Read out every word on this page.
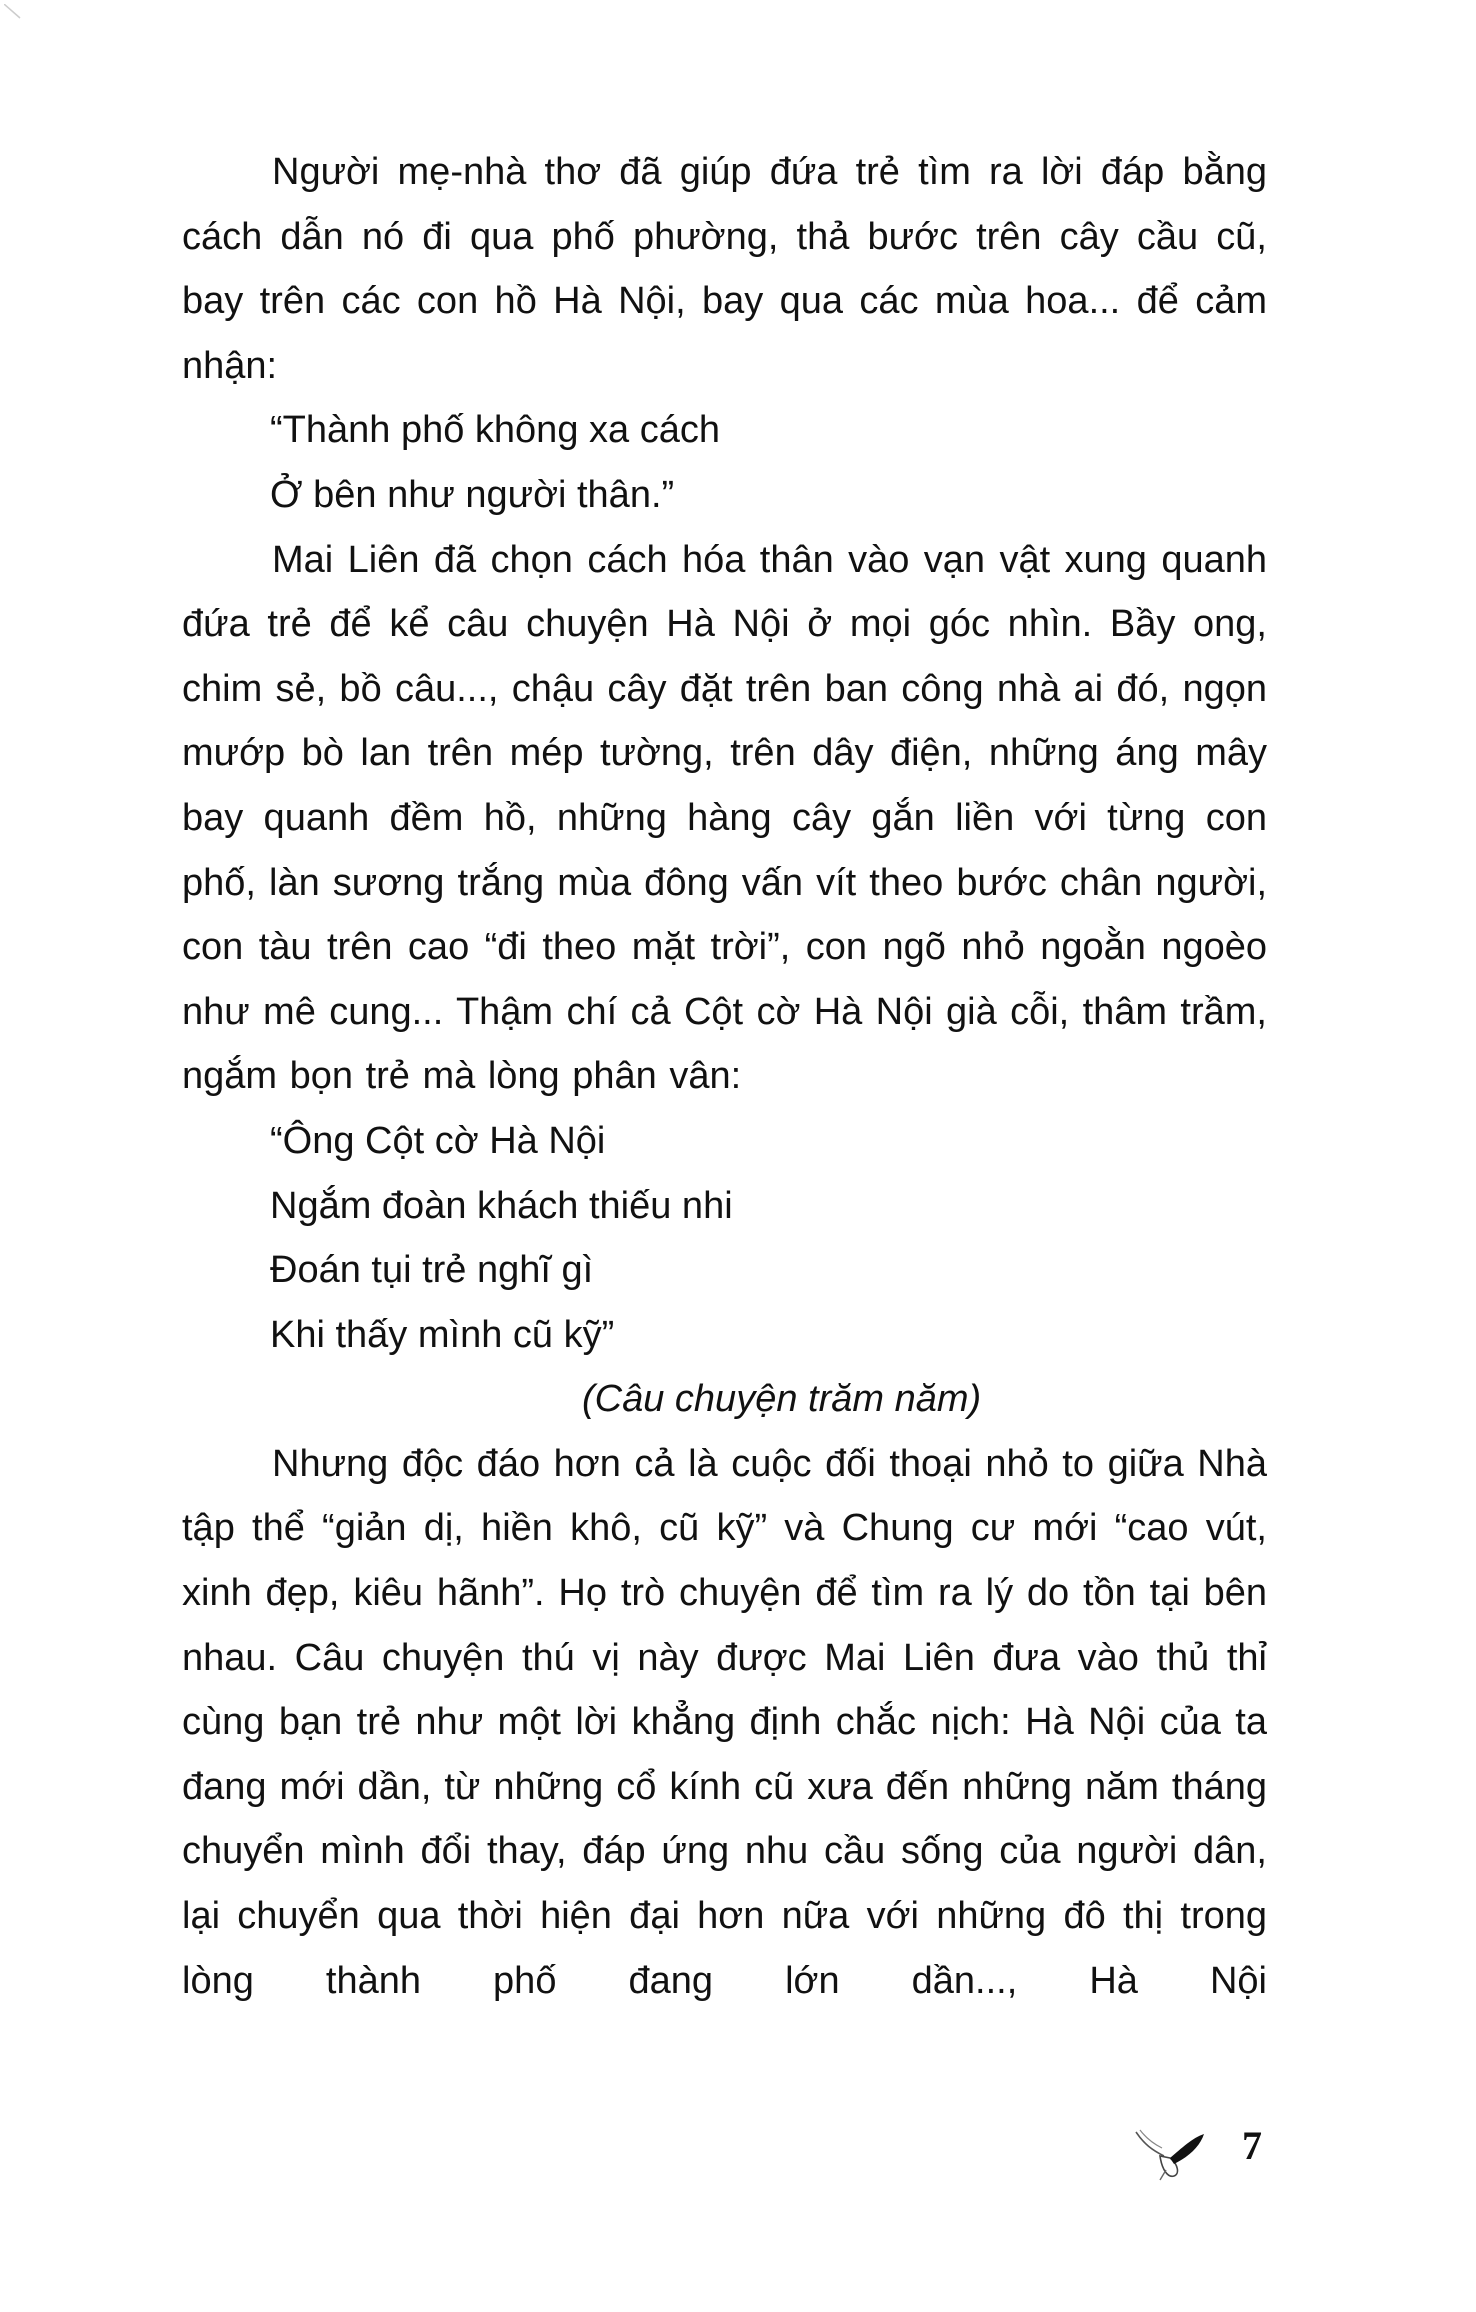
Người mẹ-nhà thơ đã giúp đứa trẻ tìm ra lời đáp bằng cách dẫn nó đi qua phố phường, thả bước trên cây cầu cũ, bay trên các con hồ Hà Nội, bay qua các mùa hoa... để cảm nhận:

“Thành phố không xa cách
Ở bên như người thân.”

Mai Liên đã chọn cách hóa thân vào vạn vật xung quanh đứa trẻ để kể câu chuyện Hà Nội ở mọi góc nhìn. Bầy ong, chim sẻ, bồ câu..., chậu cây đặt trên ban công nhà ai đó, ngọn mướp bò lan trên mép tường, trên dây điện, những áng mây bay quanh đềm hồ, những hàng cây gắn liền với từng con phố, làn sương trắng mùa đông vấn vít theo bước chân người, con tàu trên cao “đi theo mặt trời”, con ngõ nhỏ ngoằn ngoèo như mê cung... Thậm chí cả Cột cờ Hà Nội già cỗi, thâm trầm, ngắm bọn trẻ mà lòng phân vân:

“Ông Cột cờ Hà Nội
Ngắm đoàn khách thiếu nhi
Đoán tụi trẻ nghĩ gì
Khi thấy mình cũ kỹ”

(Câu chuyện trăm năm)

Nhưng độc đáo hơn cả là cuộc đối thoại nhỏ to giữa Nhà tập thể “giản dị, hiền khô, cũ kỹ” và Chung cư mới “cao vút, xinh đẹp, kiêu hãnh”. Họ trò chuyện để tìm ra lý do tồn tại bên nhau. Câu chuyện thú vị này được Mai Liên đưa vào thủ thỉ cùng bạn trẻ như một lời khẳng định chắc nịch: Hà Nội của ta đang mới dần, từ những cổ kính cũ xưa đến những năm tháng chuyển mình đổi thay, đáp ứng nhu cầu sống của người dân, lại chuyển qua thời hiện đại hơn nữa với những đô thị trong lòng thành phố đang lớn dần..., Hà Nội

7
